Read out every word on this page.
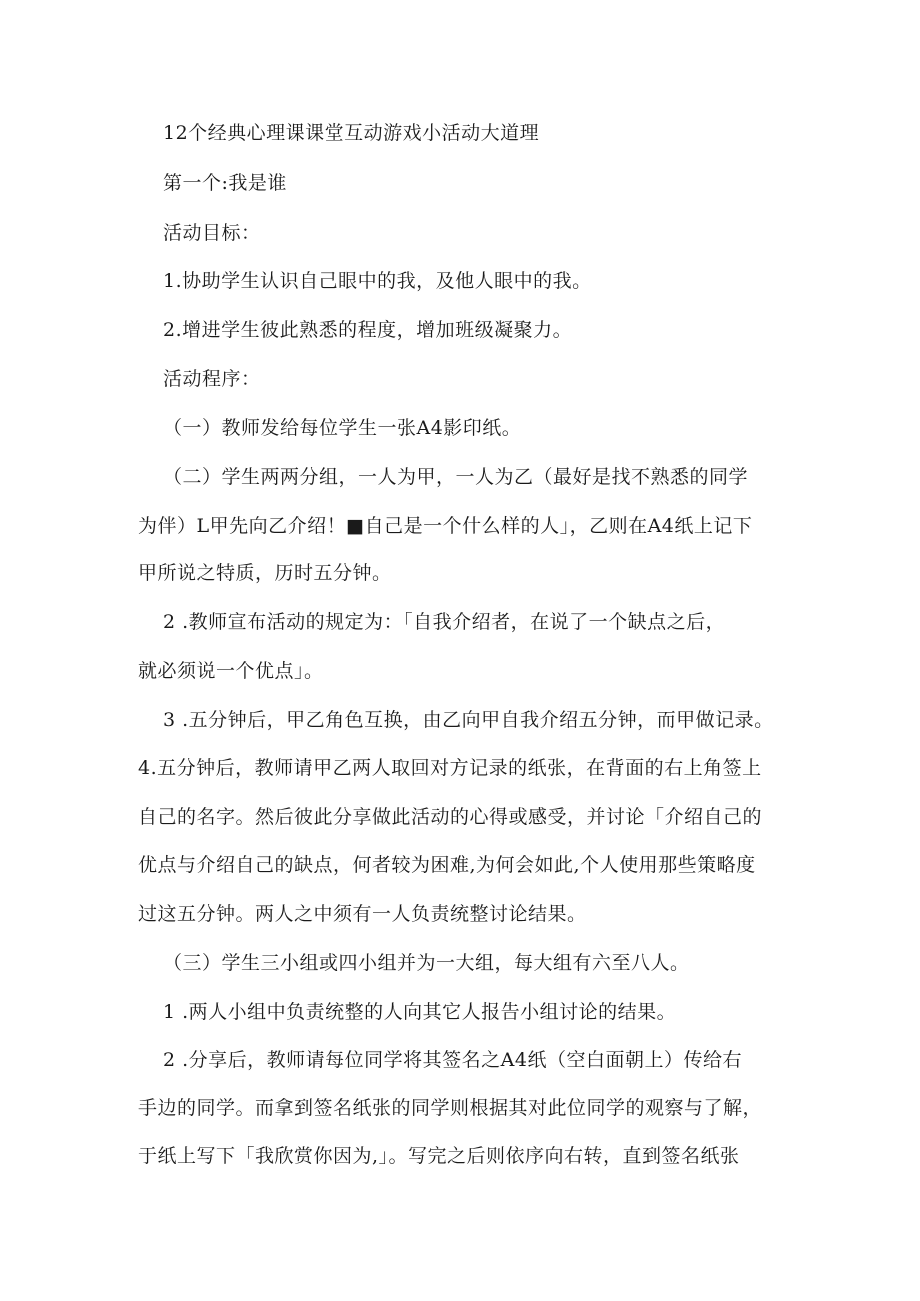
12个经典心理课课堂互动游戏小活动大道理
第一个:我是谁
活动目标：
1.协助学生认识自己眼中的我，及他人眼中的我。
2.增进学生彼此熟悉的程度，增加班级凝聚力。
活动程序：
（一）教师发给每位学生一张A4影印纸。
（二）学生两两分组，一人为甲，一人为乙（最好是找不熟悉的同学
为伴）L甲先向乙介绍！■自己是一个什么样的人」，乙则在A4纸上记下
甲所说之特质，历时五分钟。
2 .教师宣布活动的规定为：「自我介绍者，在说了一个缺点之后，
就必须说一个优点」。
3 .五分钟后，甲乙角色互换，由乙向甲自我介绍五分钟，而甲做记录。
4.五分钟后，教师请甲乙两人取回对方记录的纸张，在背面的右上角签上
自己的名字。然后彼此分享做此活动的心得或感受，并讨论「介绍自己的
优点与介绍自己的缺点，何者较为困难,为何会如此,个人使用那些策略度
过这五分钟。两人之中须有一人负责统整讨论结果。
（三）学生三小组或四小组并为一大组，每大组有六至八人。
1 .两人小组中负责统整的人向其它人报告小组讨论的结果。
2 .分享后，教师请每位同学将其签名之A4纸（空白面朝上）传给右
手边的同学。而拿到签名纸张的同学则根据其对此位同学的观察与了解，
于纸上写下「我欣赏你因为,」。写完之后则依序向右转，直到签名纸张
